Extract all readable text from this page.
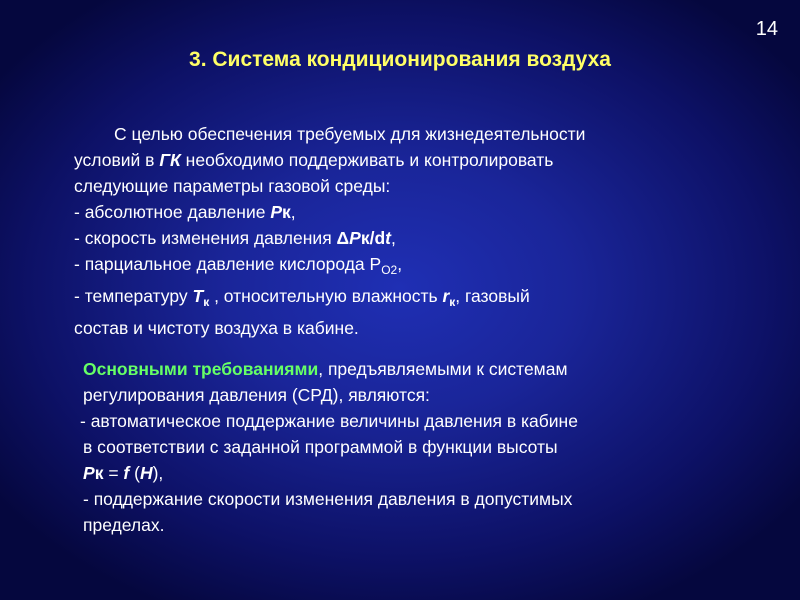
14
3. Система кондиционирования воздуха
С целью обеспечения требуемых для жизнедеятельности
условий в ГК необходимо поддерживать и контролировать
следующие параметры газовой среды:
- абсолютное давление Рк,
- скорость изменения давления ΔРк/dt,
- парциальное давление кислорода $Р_{О2}$,
- температуру $Т_к$ , относительную влажность $r_к$, газовый
состав и чистоту воздуха в кабине.
Основными требованиями, предъявляемыми к системам
регулирования давления (СРД), являются:
- автоматическое поддержание величины давления в кабине
в соответствии с заданной программой в функции высоты
Рк = f (H),
- поддержание скорости изменения давления в допустимых
пределах.
